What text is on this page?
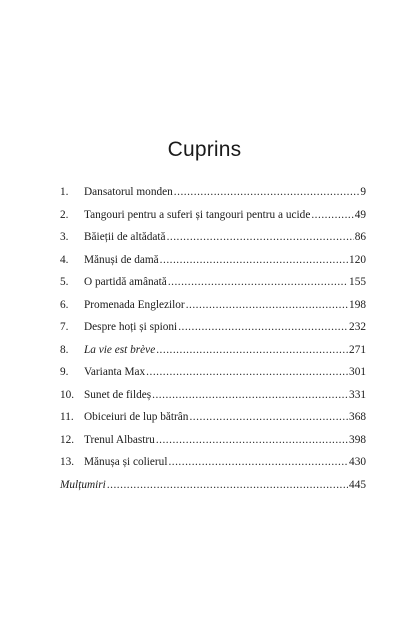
Cuprins
1.	Dansatorul monden .....	9
2.	Tangouri pentru a suferi și tangouri pentru a ucide .....	49
3.	Băieții de altădată .....	86
4.	Mănuși de damă .....	120
5.	O partidă amânată .....	155
6.	Promenada Englezilor .....	198
7.	Despre hoți și spioni .....	232
8.	La vie est brève .....	271
9.	Varianta Max .....	301
10. Sunet de fildeș .....	331
11. Obiceiuri de lup bătrân .....	368
12. Trenul Albastru .....	398
13. Mănușa și colierul .....	430
Mulțumiri .....	445
